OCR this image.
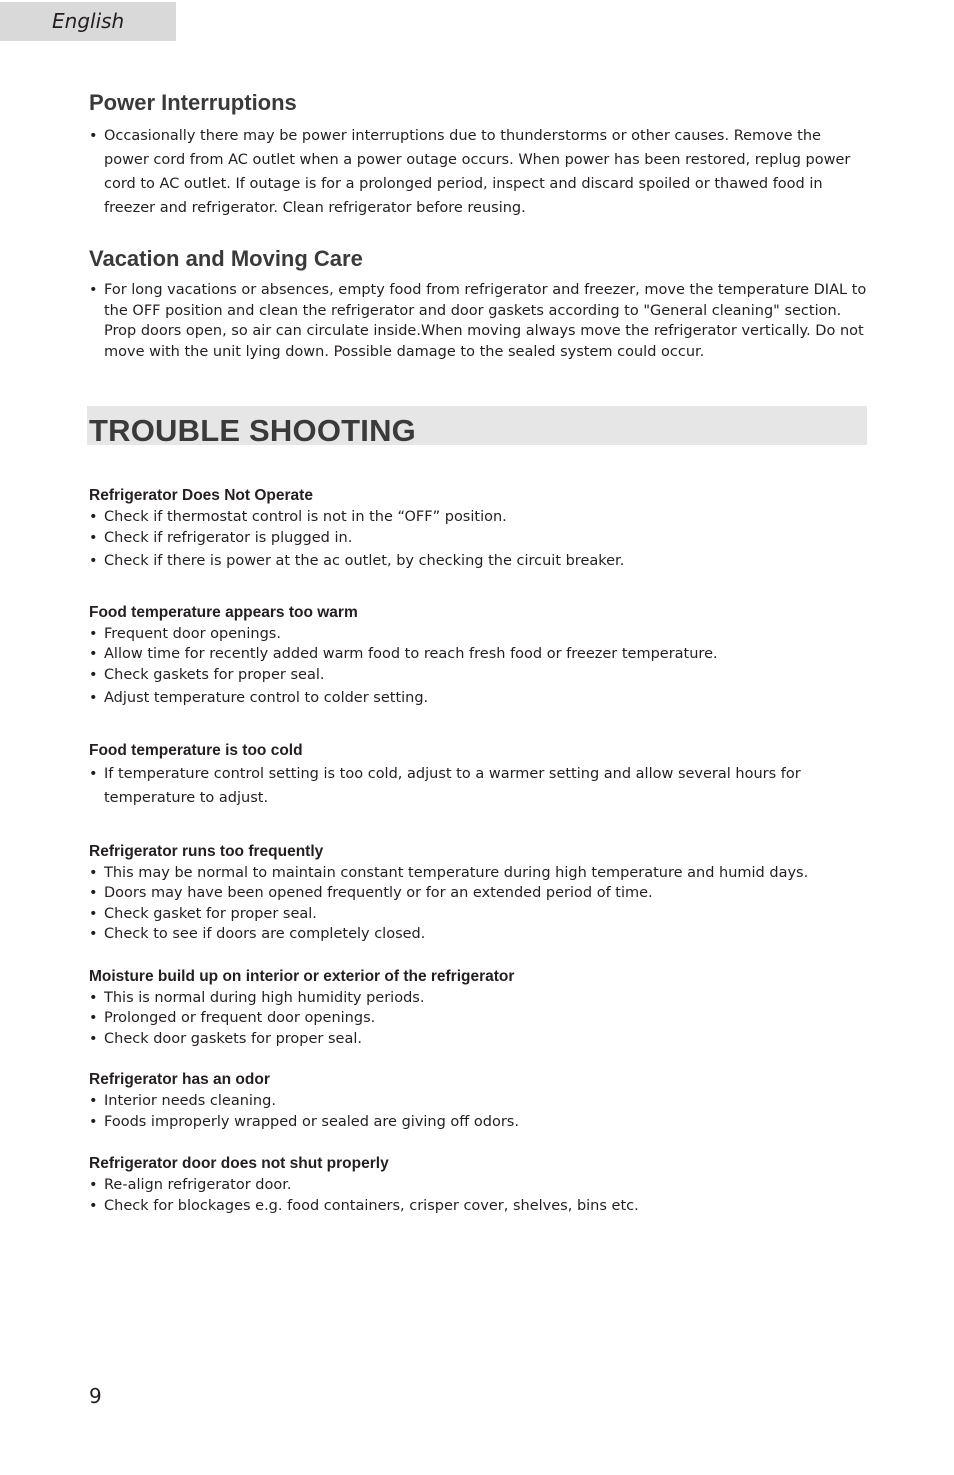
English
Power Interruptions
• Occasionally there may be power interruptions due to thunderstorms or other causes. Remove the power cord from AC outlet when a power outage occurs. When power has been restored, replug power cord to AC outlet. If outage is for a prolonged period, inspect and discard spoiled or thawed food in freezer and refrigerator. Clean refrigerator before reusing.
Vacation and Moving Care
• For long vacations or absences, empty food from refrigerator and freezer, move the temperature DIAL to the OFF position and clean the refrigerator and door gaskets according to "General cleaning" section. Prop doors open, so air can circulate inside.When moving always move the refrigerator vertically. Do not move with the unit lying down. Possible damage to the sealed system could occur.
TROUBLE SHOOTING
Refrigerator Does Not Operate
• Check if thermostat control is not in the “OFF” position.
• Check if refrigerator is plugged in.
• Check if there is power at the ac outlet, by checking the circuit breaker.
Food temperature appears too warm
• Frequent door openings.
• Allow time for recently added warm food to reach fresh food or freezer temperature.
• Check gaskets for proper seal.
• Adjust temperature control to colder setting.
Food temperature is too cold
• If temperature control setting is too cold, adjust to a warmer setting and allow several hours for temperature to adjust.
Refrigerator runs too frequently
• This may be normal to maintain constant temperature during high temperature and humid days.
• Doors may have been opened frequently or for an extended period of time.
• Check gasket for proper seal.
• Check to see if doors are completely closed.
Moisture build up on interior or exterior of the refrigerator
• This is normal during high humidity periods.
• Prolonged or frequent door openings.
• Check door gaskets for proper seal.
Refrigerator has an odor
• Interior needs cleaning.
• Foods improperly wrapped or sealed are giving off odors.
Refrigerator door does not shut properly
• Re-align refrigerator door.
• Check for blockages e.g. food containers, crisper cover, shelves, bins etc.
9
